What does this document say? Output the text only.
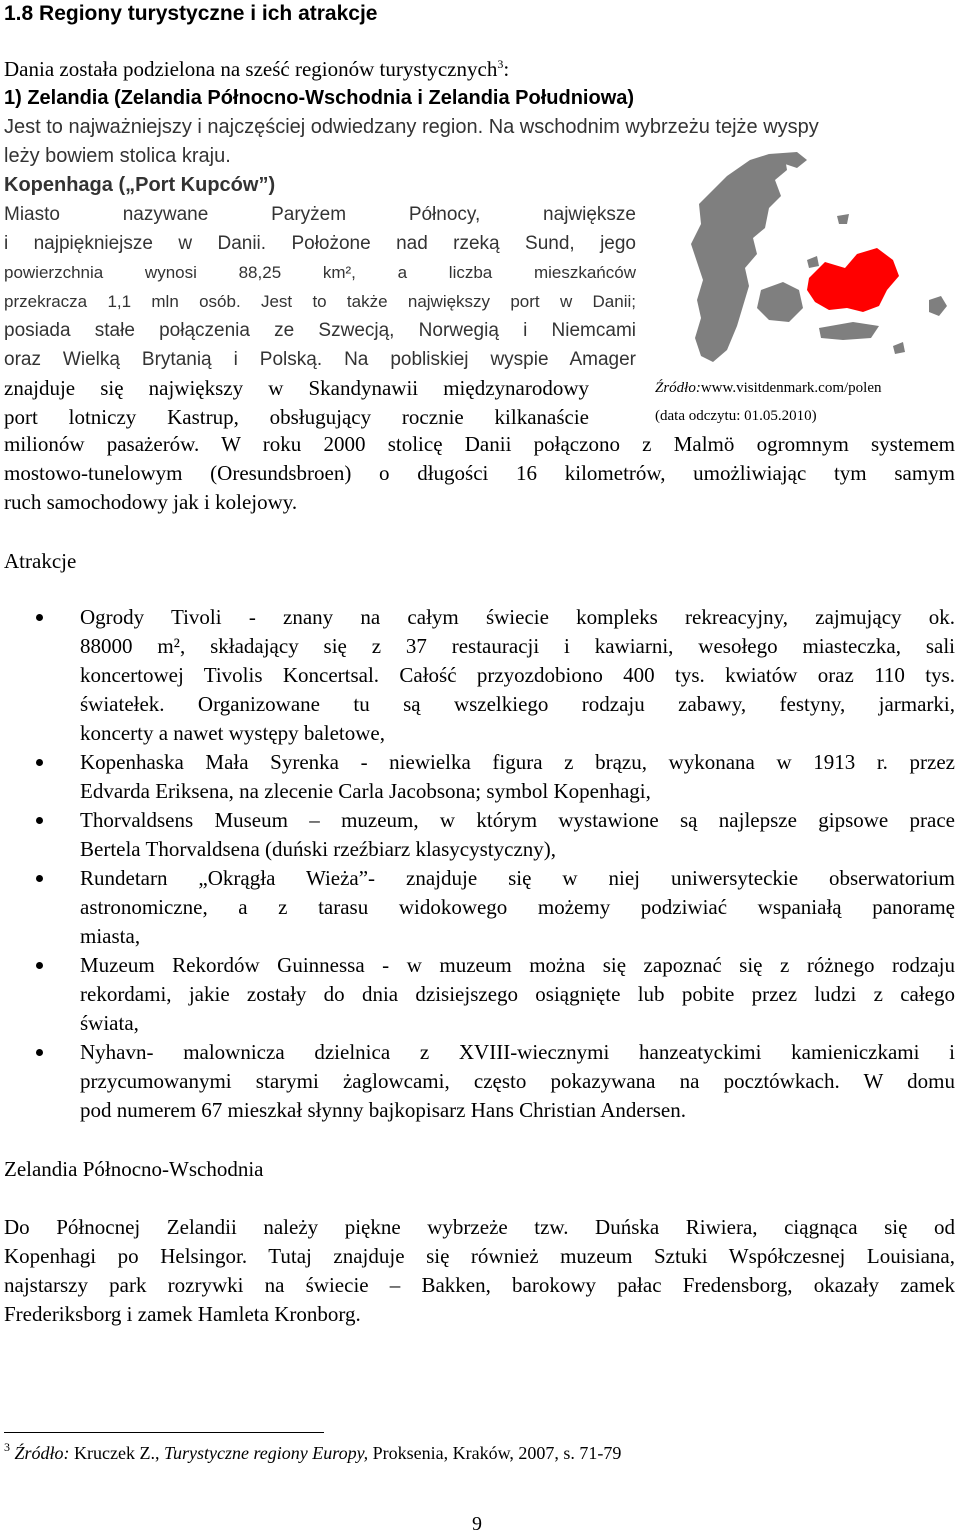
1.8 Regiony turystyczne i ich atrakcje
Dania została podzielona na sześć regionów turystycznych$^3$:
1) Zelandia (Zelandia Północno-Wschodnia i Zelandia Południowa)
Jest to najważniejszy i najczęściej odwiedzany region. Na wschodnim wybrzeżu tejże wyspy
leży bowiem stolica kraju.
Kopenhaga („Port Kupców”)
Miasto nazywane Paryżem Północy, największe
i najpiękniejsze w Danii. Położone nad rzeką Sund, jego
powierzchnia wynosi 88,25 km², a liczba mieszkańców
przekracza 1,1 mln osób. Jest to także największy port w Danii;
posiada stałe połączenia ze Szwecją, Norwegią i Niemcami
oraz Wielką Brytanią i Polską. Na pobliskiej wyspie Amager
znajduje się największy w Skandynawii międzynarodowy
port lotniczy Kastrup, obsługujący rocznie kilkanaście
Źródło:www.visitdenmark.com/polen
(data odczytu: 01.05.2010)
milionów pasażerów. W roku 2000 stolicę Danii połączono z Malmö ogromnym systemem
mostowo-tunelowym (Oresundsbroen) o długości 16 kilometrów, umożliwiając tym samym
ruch samochodowy jak i kolejowy.
Atrakcje
Ogrody Tivoli - znany na całym świecie kompleks rekreacyjny, zajmujący ok.
88000 m², składający się z 37 restauracji i kawiarni, wesołego miasteczka, sali
koncertowej Tivolis Koncertsal. Całość przyozdobiono 400 tys. kwiatów oraz 110 tys.
światełek. Organizowane tu są wszelkiego rodzaju zabawy, festyny, jarmarki,
koncerty a nawet występy baletowe,
Kopenhaska Mała Syrenka - niewielka figura z brązu, wykonana w 1913 r. przez
Edvarda Eriksena, na zlecenie Carla Jacobsona; symbol Kopenhagi,
Thorvaldsens Museum – muzeum, w którym wystawione są najlepsze gipsowe prace
Bertela Thorvaldsena (duński rzeźbiarz klasycystyczny),
Rundetarn „Okrągła Wieża”- znajduje się w niej uniwersyteckie obserwatorium
astronomiczne, a z tarasu widokowego możemy podziwiać wspaniałą panoramę
miasta,
Muzeum Rekordów Guinnessa - w muzeum można się zapoznać się z różnego rodzaju
rekordami, jakie zostały do dnia dzisiejszego osiągnięte lub pobite przez ludzi z całego
świata,
Nyhavn- malownicza dzielnica z XVIII-wiecznymi hanzeatyckimi kamieniczkami i
przycumowanymi starymi żaglowcami, często pokazywana na pocztówkach. W domu
pod numerem 67 mieszkał słynny bajkopisarz Hans Christian Andersen.
Zelandia Północno-Wschodnia
Do Północnej Zelandii należy piękne wybrzeże tzw. Duńska Riwiera, ciągnąca się od
Kopenhagi po Helsingor. Tutaj znajduje się również muzeum Sztuki Współczesnej Louisiana,
najstarszy park rozrywki na świecie – Bakken, barokowy pałac Fredensborg, okazały zamek
Frederiksborg i zamek Hamleta Kronborg.
$^3$ Źródło: Kruczek Z., Turystyczne regiony Europy, Proksenia, Kraków, 2007, s. 71-79
9
